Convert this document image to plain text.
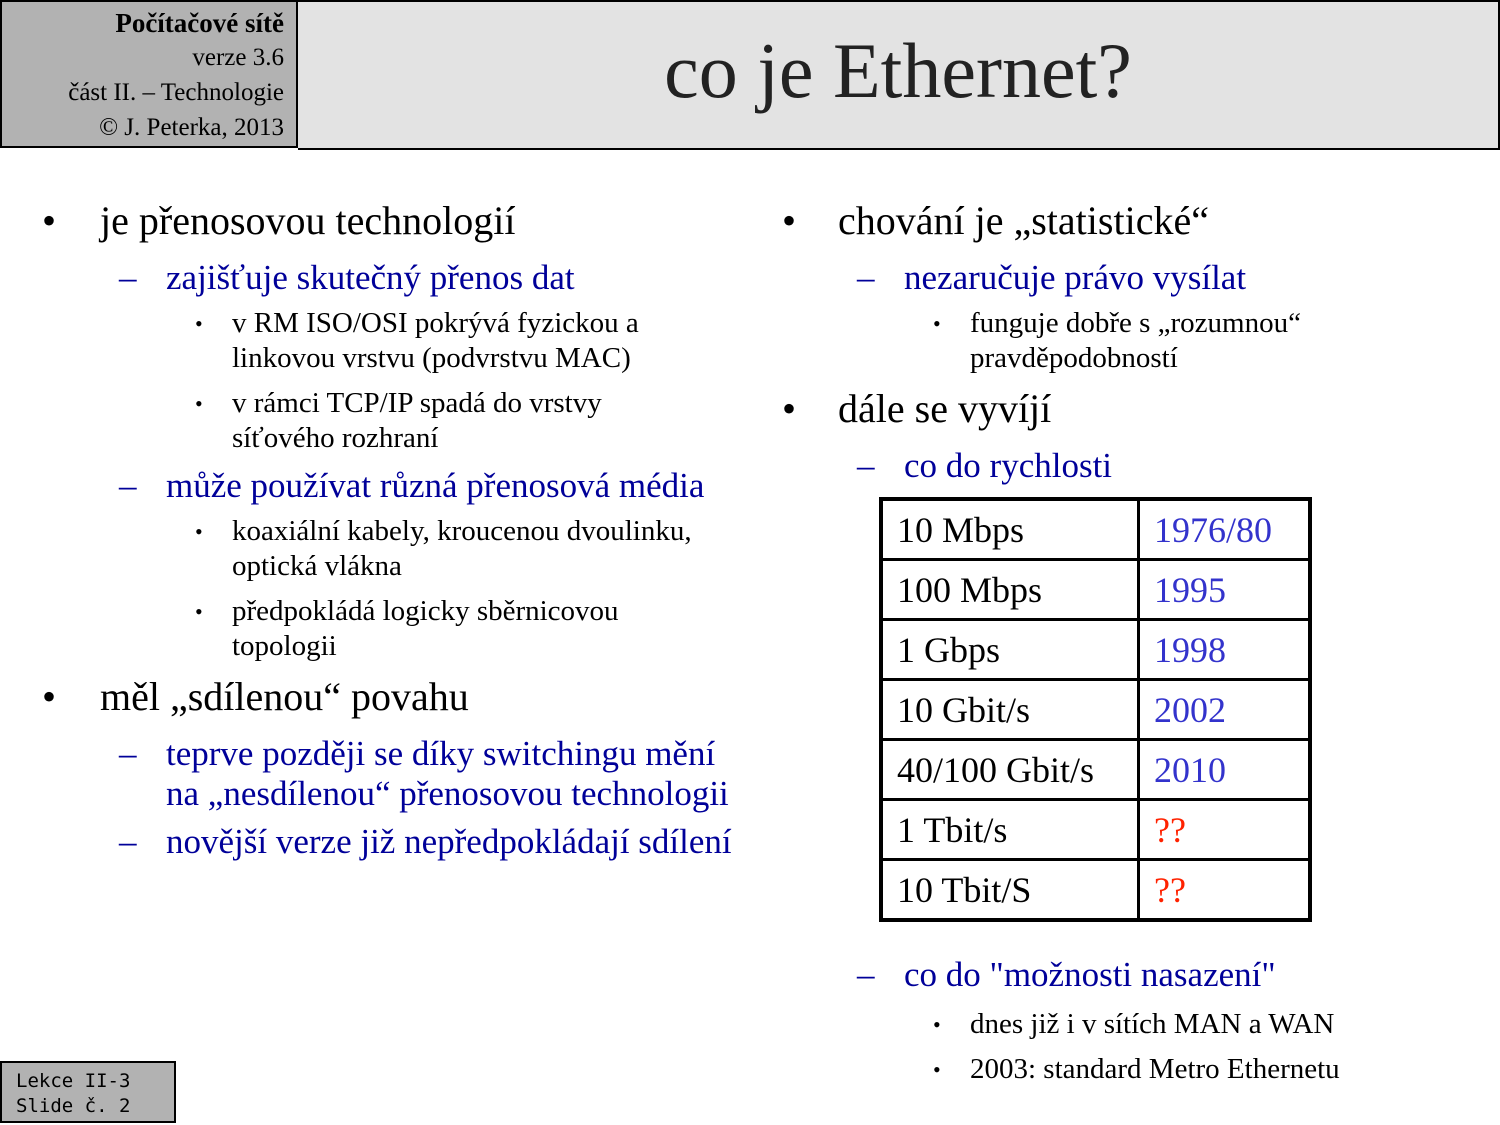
Počítačové sítě
verze 3.6
část II. – Technologie
© J. Peterka, 2013
co je Ethernet?
• je přenosovou technologií
– zajišťuje skutečný přenos dat
• v RM ISO/OSI pokrývá fyzickou a linkovou vrstvu (podvrstvu MAC)
• v rámci TCP/IP spadá do vrstvy síťového rozhraní
– může používat různá přenosová média
• koaxiální kabely, kroucenou dvoulinku, optická vlákna
• předpokládá logicky sběrnicovou topologii
• měl „sdílenou“ povahu
– teprve později se díky switchingu mění na „nesdílenou“ přenosovou technologii
– novější verze již nepředpokládají sdílení
• chování je „statistické“
– nezaručuje právo vysílat
• funguje dobře s „rozumnou“ pravděpodobností
• dále se vyvíjí
– co do rychlosti
10 Mbps	1976/80
100 Mbps	1995
1 Gbps	1998
10 Gbit/s	2002
40/100 Gbit/s	2010
1 Tbit/s	??
10 Tbit/S	??
– co do "možnosti nasazení"
• dnes již i v sítích MAN a WAN
• 2003: standard Metro Ethernetu
Lekce II-3
Slide č. 2
